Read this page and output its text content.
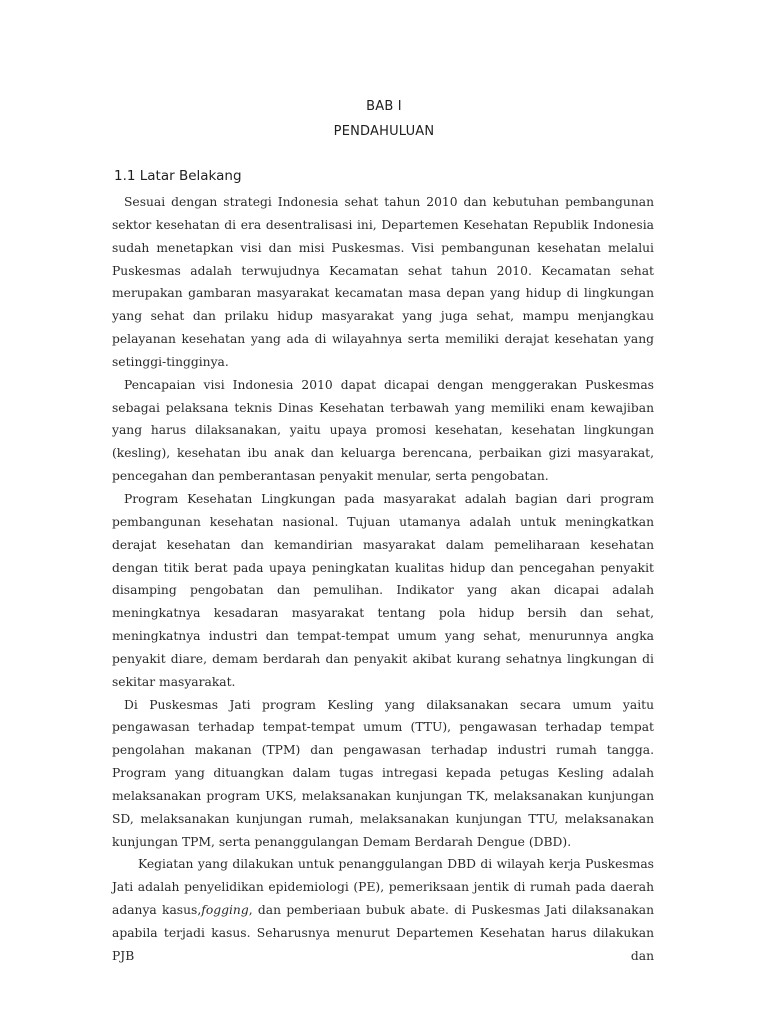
BAB I
PENDAHULUAN
1.1 Latar Belakang

Sesuai dengan strategi Indonesia sehat tahun 2010 dan kebutuhan pembangunan sektor kesehatan di era desentralisasi ini, Departemen Kesehatan Republik Indonesia sudah menetapkan visi dan misi Puskesmas. Visi pembangunan kesehatan melalui Puskesmas adalah terwujudnya Kecamatan sehat tahun 2010. Kecamatan sehat merupakan gambaran masyarakat kecamatan masa depan yang hidup di lingkungan yang sehat dan prilaku hidup masyarakat yang juga sehat, mampu menjangkau pelayanan kesehatan yang ada di wilayahnya serta memiliki derajat kesehatan yang setinggi-tingginya.

Pencapaian visi Indonesia 2010 dapat dicapai dengan menggerakan Puskesmas sebagai pelaksana teknis Dinas Kesehatan terbawah yang memiliki enam kewajiban yang harus dilaksanakan, yaitu upaya promosi kesehatan, kesehatan lingkungan (kesling), kesehatan ibu anak dan keluarga berencana, perbaikan gizi masyarakat, pencegahan dan pemberantasan penyakit menular, serta pengobatan.

Program Kesehatan Lingkungan pada masyarakat adalah bagian dari program pembangunan kesehatan nasional. Tujuan utamanya adalah untuk meningkatkan derajat kesehatan dan kemandirian masyarakat dalam pemeliharaan kesehatan dengan titik berat pada upaya peningkatan kualitas hidup dan pencegahan penyakit disamping pengobatan dan pemulihan. Indikator yang akan dicapai adalah meningkatnya kesadaran masyarakat tentang pola hidup bersih dan sehat, meningkatnya industri dan tempat-tempat umum yang sehat, menurunnya angka penyakit diare, demam berdarah dan penyakit akibat kurang sehatnya lingkungan di sekitar masyarakat.

Di Puskesmas Jati program Kesling yang dilaksanakan secara umum yaitu pengawasan terhadap tempat-tempat umum (TTU), pengawasan terhadap tempat pengolahan makanan (TPM) dan pengawasan terhadap industri rumah tangga. Program yang dituangkan dalam tugas intregasi kepada petugas Kesling adalah melaksanakan program UKS, melaksanakan kunjungan TK, melaksanakan kunjungan SD, melaksanakan kunjungan rumah, melaksanakan kunjungan TTU, melaksanakan kunjungan TPM, serta penanggulangan Demam Berdarah Dengue (DBD).

Kegiatan yang dilakukan untuk penanggulangan DBD di wilayah kerja Puskesmas Jati adalah penyelidikan epidemiologi (PE), pemeriksaan jentik di rumah pada daerah adanya kasus,fogging, dan pemberiaan bubuk abate. di Puskesmas Jati dilaksanakan apabila terjadi kasus. Seharusnya menurut Departemen Kesehatan harus dilakukan PJB dan
